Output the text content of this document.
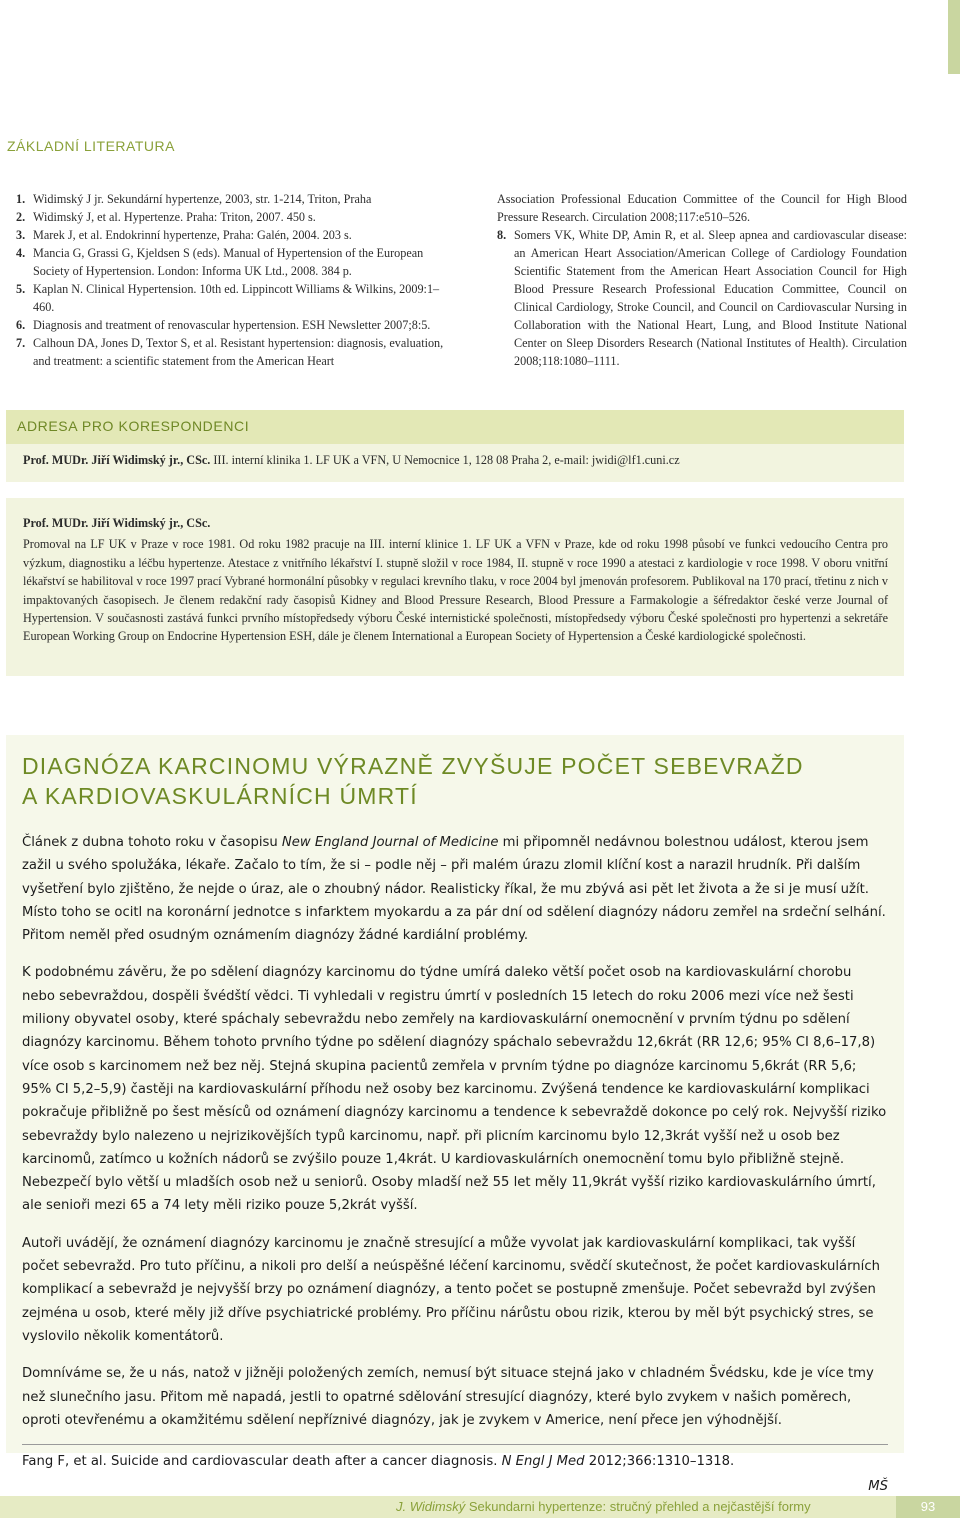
ZÁKLADNÍ LITERATURA
1. Widimský J jr. Sekundární hypertenze, 2003, str. 1-214, Triton, Praha
2. Widimský J, et al. Hypertenze. Praha: Triton, 2007. 450 s.
3. Marek J, et al. Endokrinní hypertenze, Praha: Galén, 2004. 203 s.
4. Mancia G, Grassi G, Kjeldsen S (eds). Manual of Hypertension of the European Society of Hypertension. London: Informa UK Ltd., 2008. 384 p.
5. Kaplan N. Clinical Hypertension. 10th ed. Lippincott Williams & Wilkins, 2009:1–460.
6. Diagnosis and treatment of renovascular hypertension. ESH Newsletter 2007;8:5.
7. Calhoun DA, Jones D, Textor S, et al. Resistant hypertension: diagnosis, evaluation, and treatment: a scientific statement from the American Heart
Association Professional Education Committee of the Council for High Blood Pressure Research. Circulation 2008;117:e510–526.
8. Somers VK, White DP, Amin R, et al. Sleep apnea and cardiovascular disease: an American Heart Association/American College of Cardiology Foundation Scientific Statement from the American Heart Association Council for High Blood Pressure Research Professional Education Committee, Council on Clinical Cardiology, Stroke Council, and Council on Cardiovascular Nursing in Collaboration with the National Heart, Lung, and Blood Institute National Center on Sleep Disorders Research (National Institutes of Health). Circulation 2008;118:1080–1111.
ADRESA PRO KORESPONDENCI
Prof. MUDr. Jiří Widimský jr., CSc. III. interní klinika 1. LF UK a VFN, U Nemocnice 1, 128 08 Praha 2, e-mail: jwidi@lf1.cuni.cz
Prof. MUDr. Jiří Widimský jr., CSc.
Promoval na LF UK v Praze v roce 1981. Od roku 1982 pracuje na III. interní klinice 1. LF UK a VFN v Praze, kde od roku 1998 působí ve funkci vedoucího Centra pro výzkum, diagnostiku a léčbu hypertenze. Atestace z vnitřního lékařství I. stupně složil v roce 1984, II. stupně v roce 1990 a atestaci z kardiologie v roce 1998. V oboru vnitřní lékařství se habilitoval v roce 1997 prací Vybrané hormonální působky v regulaci krevního tlaku, v roce 2004 byl jmenován profesorem. Publikoval na 170 prací, třetinu z nich v impaktovaných časopisech. Je členem redakční rady časopisů Kidney and Blood Pressure Research, Blood Pressure a Farmakologie a šéfredaktor české verze Journal of Hypertension. V současnosti zastává funkci prvního místopředsedy výboru České internistické společnosti, místopředsedy výboru České společnosti pro hypertenzi a sekretáře European Working Group on Endocrine Hypertension ESH, dále je členem International a European Society of Hypertension a České kardiologické společnosti.
DIAGNÓZA KARCINOMU VÝRAZNĚ ZVYŠUJE POČET SEBEVRAŽD
A KARDIOVASKULÁRNÍCH ÚMRTÍ

Článek z dubna tohoto roku v časopisu New England Journal of Medicine mi připomněl nedávnou bolestnou událost, kterou jsem zažil u svého spolužáka, lékaře. Začalo to tím, že si – podle něj – při malém úrazu zlomil klíční kost a narazil hrudník. Při dalším vyšetření bylo zjištěno, že nejde o úraz, ale o zhoubný nádor. Realisticky říkal, že mu zbývá asi pět let života a že si je musí užít. Místo toho se ocitl na koronární jednotce s infarktem myokardu a za pár dní od sdělení diagnózy nádoru zemřel na srdeční selhání. Přitom neměl před osudným oznámením diagnózy žádné kardiální problémy.

K podobnému závěru, že po sdělení diagnózy karcinomu do týdne umírá daleko větší počet osob na kardiovaskulární chorobu nebo sebevraždou, dospěli švédští vědci. Ti vyhledali v registru úmrtí v posledních 15 letech do roku 2006 mezi více než šesti miliony obyvatel osoby, které spáchaly sebevraždu nebo zemřely na kardiovaskulární onemocnění v prvním týdnu po sdělení diagnózy karcinomu. Během tohoto prvního týdne po sdělení diagnózy spáchalo sebevraždu 12,6krát (RR 12,6; 95% CI 8,6–17,8) více osob s karcinomem než bez něj. Stejná skupina pacientů zemřela v prvním týdne po diagnóze karcinomu 5,6krát (RR 5,6; 95% CI 5,2–5,9) častěji na kardiovaskulární příhodu než osoby bez karcinomu. Zvýšená tendence ke kardiovaskulární komplikaci pokračuje přibližně po šest měsíců od oznámení diagnózy karcinomu a tendence k sebevraždě dokonce po celý rok. Nejvyšší riziko sebevraždy bylo nalezeno u nejrizikovějších typů karcinomu, např. při plicním karcinomu bylo 12,3krát vyšší než u osob bez karcinomů, zatímco u kožních nádorů se zvýšilo pouze 1,4krát. U kardiovaskulárních onemocnění tomu bylo přibližně stejně. Nebezpečí bylo větší u mladších osob než u seniorů. Osoby mladší než 55 let měly 11,9krát vyšší riziko kardiovaskulárního úmrtí, ale senioři mezi 65 a 74 lety měli riziko pouze 5,2krát vyšší.

Autoři uvádějí, že oznámení diagnózy karcinomu je značně stresující a může vyvolat jak kardiovaskulární komplikaci, tak vyšší počet sebevražd. Pro tuto příčinu, a nikoli pro delší a neúspěšné léčení karcinomu, svědčí skutečnost, že počet kardiovaskulárních komplikací a sebevražd je nejvyšší brzy po oznámení diagnózy, a tento počet se postupně zmenšuje. Počet sebevražd byl zvýšen zejména u osob, které měly již dříve psychiatrické problémy. Pro příčinu nárůstu obou rizik, kterou by měl být psychický stres, se vyslovilo několik komentátorů.

Domníváme se, že u nás, natož v jižněji položených zemích, nemusí být situace stejná jako v chladném Švédsku, kde je více tmy než slunečního jasu. Přitom mě napadá, jestli to opatrné sdělování stresující diagnózy, které bylo zvykem v našich poměrech, oproti otevřenému a okamžitému sdělení nepříznivé diagnózy, jak je zvykem v Americe, není přece jen výhodnější.

Fang F, et al. Suicide and cardiovascular death after a cancer diagnosis. N Engl J Med 2012;366:1310–1318.
MŠ
J. Widimský Sekundarni hypertenze: stručný přehled a nejčastější formy	93
